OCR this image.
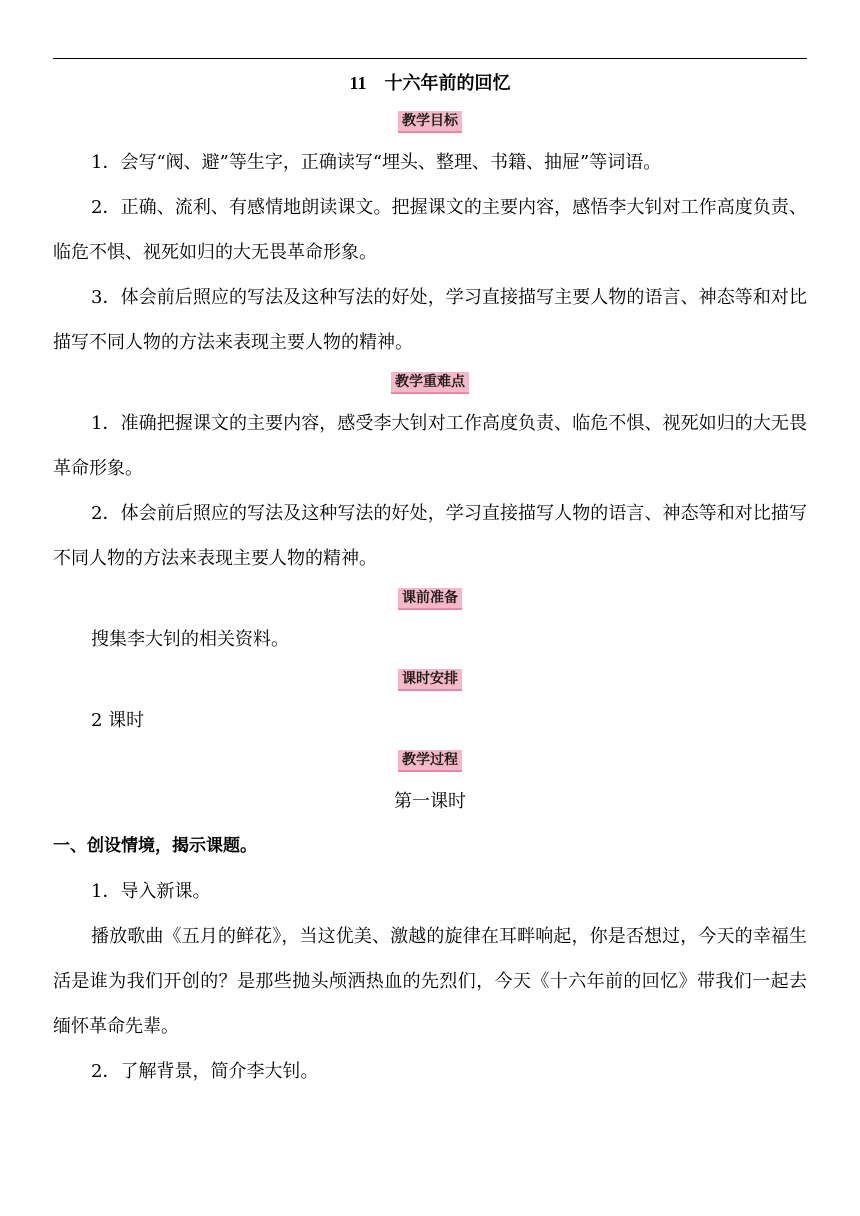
11 十六年前的回忆
教学目标

1．会写“阀、避”等生字，正确读写“埋头、整理、书籍、抽屉”等词语。

2．正确、流利、有感情地朗读课文。把握课文的主要内容，感悟李大钊对工作高度负责、临危不惧、视死如归的大无畏革命形象。

3．体会前后照应的写法及这种写法的好处，学习直接描写主要人物的语言、神态等和对比描写不同人物的方法来表现主要人物的精神。

教学重难点

1．准确把握课文的主要内容，感受李大钊对工作高度负责、临危不惧、视死如归的大无畏革命形象。

2．体会前后照应的写法及这种写法的好处，学习直接描写人物的语言、神态等和对比描写不同人物的方法来表现主要人物的精神。

课前准备

搜集李大钊的相关资料。

课时安排

2 课时

教学过程

第一课时

一、创设情境，揭示课题。

1．导入新课。

播放歌曲《五月的鲜花》，当这优美、激越的旋律在耳畔响起，你是否想过，今天的幸福生活是谁为我们开创的？是那些抛头颅洒热血的先烈们，今天《十六年前的回忆》带我们一起去缅怀革命先辈。

2．了解背景，简介李大钊。
